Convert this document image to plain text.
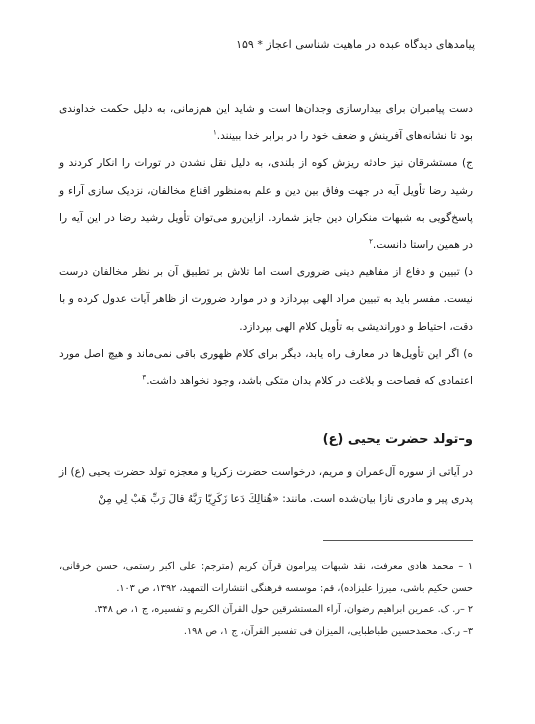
پیامدهای دیدگاه عبده در ماهیت شناسی اعجاز * ۱۵۹

دست پیامبران برای بیدارسازی وجدان‌ها است و شاید این هم‌زمانی، به دلیل حکمت خداوندی بود تا نشانه‌های آفرینش و ضعف خود را در برابر خدا ببینند.$^۱$

ج) مستشرقان نیز حادثه ریزش کوه از بلندی، به دلیل نقل نشدن در تورات را انکار کردند و رشید رضا تأویل آیه در جهت وفاق بین دین و علم به‌منظور اقناع مخالفان، نزدیک سازی آراء و پاسخ‌گویی به شبهات منکران دین جایز شمارد. ازاین‌رو می‌توان تأویل رشید رضا در این آیه را در همین راستا دانست.$^۲$

د) تبیین و دفاع از مفاهیم دینی ضروری است اما تلاش بر تطبیق آن بر نظر مخالفان درست نیست. مفسر باید به تبیین مراد الهی بپردازد و در موارد ضرورت از ظاهر آیات عدول کرده و با دقت، احتیاط و دوراندیشی به تأویل کلام الهی بپردازد.

ه) اگر این تأویل‌ها در معارف راه یابد، دیگر برای کلام ظهوری باقی نمی‌ماند و هیچ اصل مورد اعتمادی که فصاحت و بلاغت در کلام بدان متکی باشد، وجود نخواهد داشت.$^۳$

و–تولد حضرت یحیی (ع)
در آیاتی از سوره آل‌عمران و مریم، درخواست حضرت زکریا و معجزه تولد حضرت یحیی (ع) از پدری پیر و مادری نازا بیان‌شده است. مانند: «هُنالِكَ دَعا زَكَرِيّا رَبَّهُ قالَ رَبِّ هَبْ لِي مِنْ

۱ – محمد هادی معرفت، نقد شبهات پیرامون قرآن کریم (مترجم: علی اکبر رستمی، حسن خرقانی، حسن حکیم باشی، میرزا علیزاده)، قم: موسسه فرهنگی انتشارات التمهید، ۱۳۹۲، ص ۱۰۳.

۲ –ر. ک. عمرین ابراهیم رضوان، آراء المستشرقین حول القرآن الکریم و تفسیره، ج ۱، ص ۳۴۸.

۳– ر.ک. محمدحسین طباطبایی، المیزان فی تفسیر القرآن، ج ۱، ص ۱۹۸.
